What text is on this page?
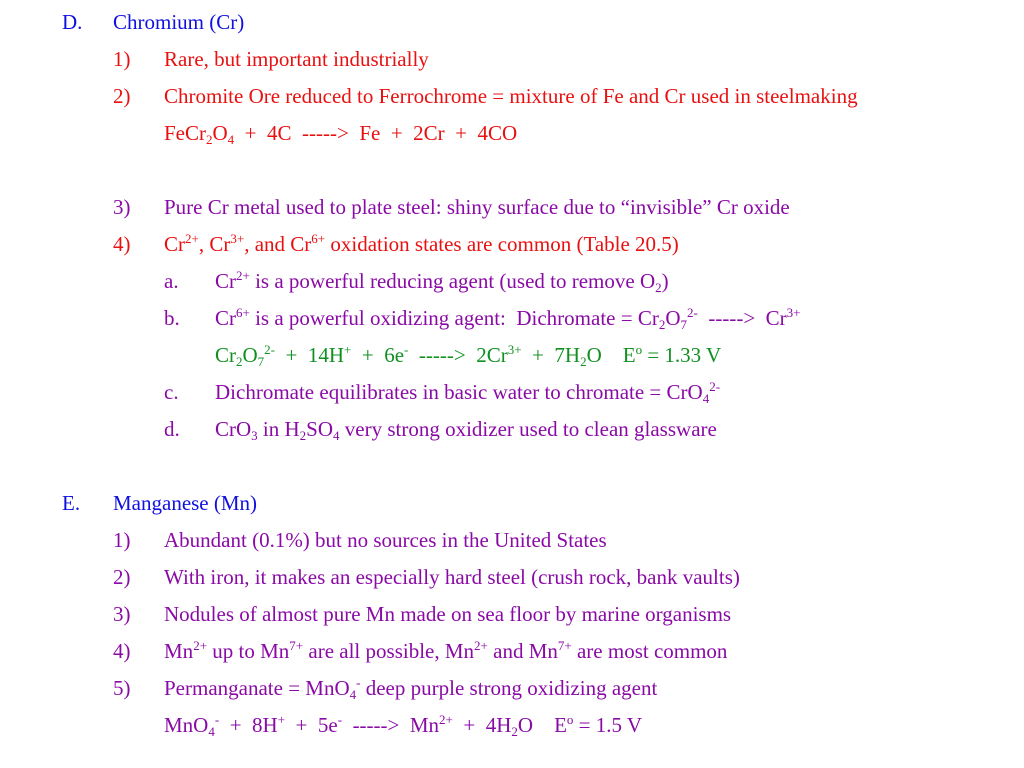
D. Chromium (Cr)
1) Rare, but important industrially
2) Chromite Ore reduced to Ferrochrome = mixture of Fe and Cr used in steelmaking
$FeCr_2O_4 + 4C$  ----->  Fe  +  2Cr  +  4CO
3) Pure Cr metal used to plate steel: shiny surface due to “invisible” Cr oxide
4) $Cr^{2+}$, $Cr^{3+}$, and $Cr^{6+}$ oxidation states are common (Table 20.5)
a. $Cr^{2+}$ is a powerful reducing agent (used to remove $O_2$)
b. $Cr^{6+}$ is a powerful oxidizing agent:  Dichromate = $Cr_2O_7^{2-}$  ----->  $Cr^{3+}$
$Cr_2O_7^{2-} + 14H^+ + 6e^-$  ----->  $2Cr^{3+} + 7H_2O$    $E^o = 1.33$ V
c. Dichromate equilibrates in basic water to chromate = CrO$_4^{2-}$
d. CrO$_3$ in $H_2SO_4$ very strong oxidizer used to clean glassware
E. Manganese (Mn)
1) Abundant (0.1%) but no sources in the United States
2) With iron, it makes an especially hard steel (crush rock, bank vaults)
3) Nodules of almost pure Mn made on sea floor by marine organisms
4) $Mn^{2+}$ up to $Mn^{7+}$ are all possible, $Mn^{2+}$ and $Mn^{7+}$ are most common
5) Permanganate = MnO$_4$- deep purple strong oxidizing agent
MnO$_4$-  +  8H+  +  5e-  ----->  $Mn^{2+} + 4H_2O$    $E^o = 1.5$ V
